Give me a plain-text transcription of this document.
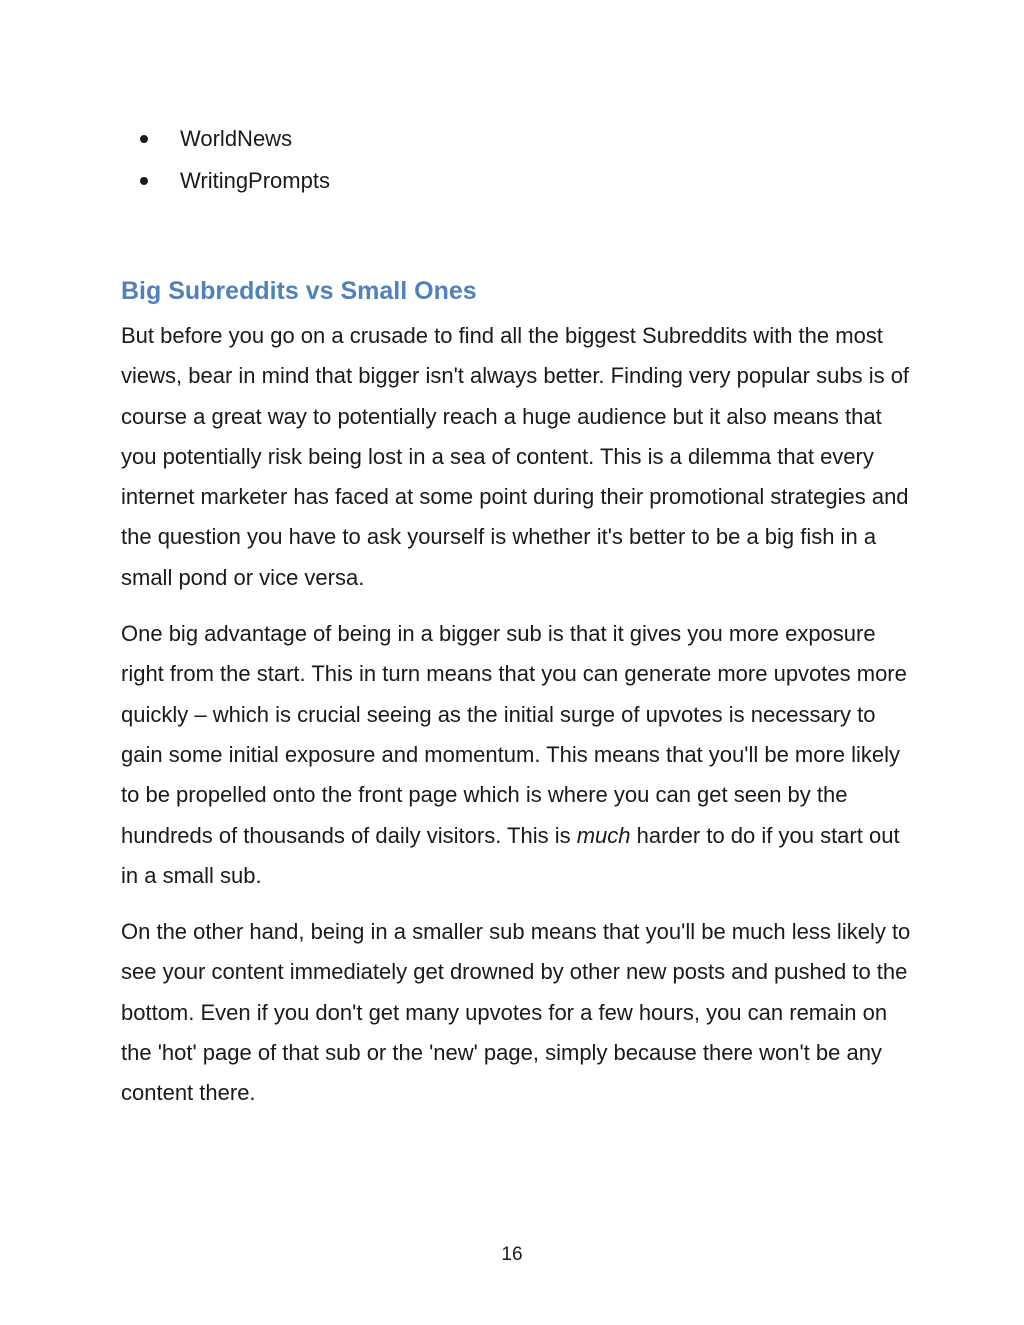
WorldNews
WritingPrompts
Big Subreddits vs Small Ones

But before you go on a crusade to find all the biggest Subreddits with the most views, bear in mind that bigger isn't always better. Finding very popular subs is of course a great way to potentially reach a huge audience but it also means that you potentially risk being lost in a sea of content. This is a dilemma that every internet marketer has faced at some point during their promotional strategies and the question you have to ask yourself is whether it's better to be a big fish in a small pond or vice versa.

One big advantage of being in a bigger sub is that it gives you more exposure right from the start. This in turn means that you can generate more upvotes more quickly – which is crucial seeing as the initial surge of upvotes is necessary to gain some initial exposure and momentum. This means that you'll be more likely to be propelled onto the front page which is where you can get seen by the hundreds of thousands of daily visitors. This is much harder to do if you start out in a small sub.

On the other hand, being in a smaller sub means that you'll be much less likely to see your content immediately get drowned by other new posts and pushed to the bottom. Even if you don't get many upvotes for a few hours, you can remain on the 'hot' page of that sub or the 'new' page, simply because there won't be any content there.

16
